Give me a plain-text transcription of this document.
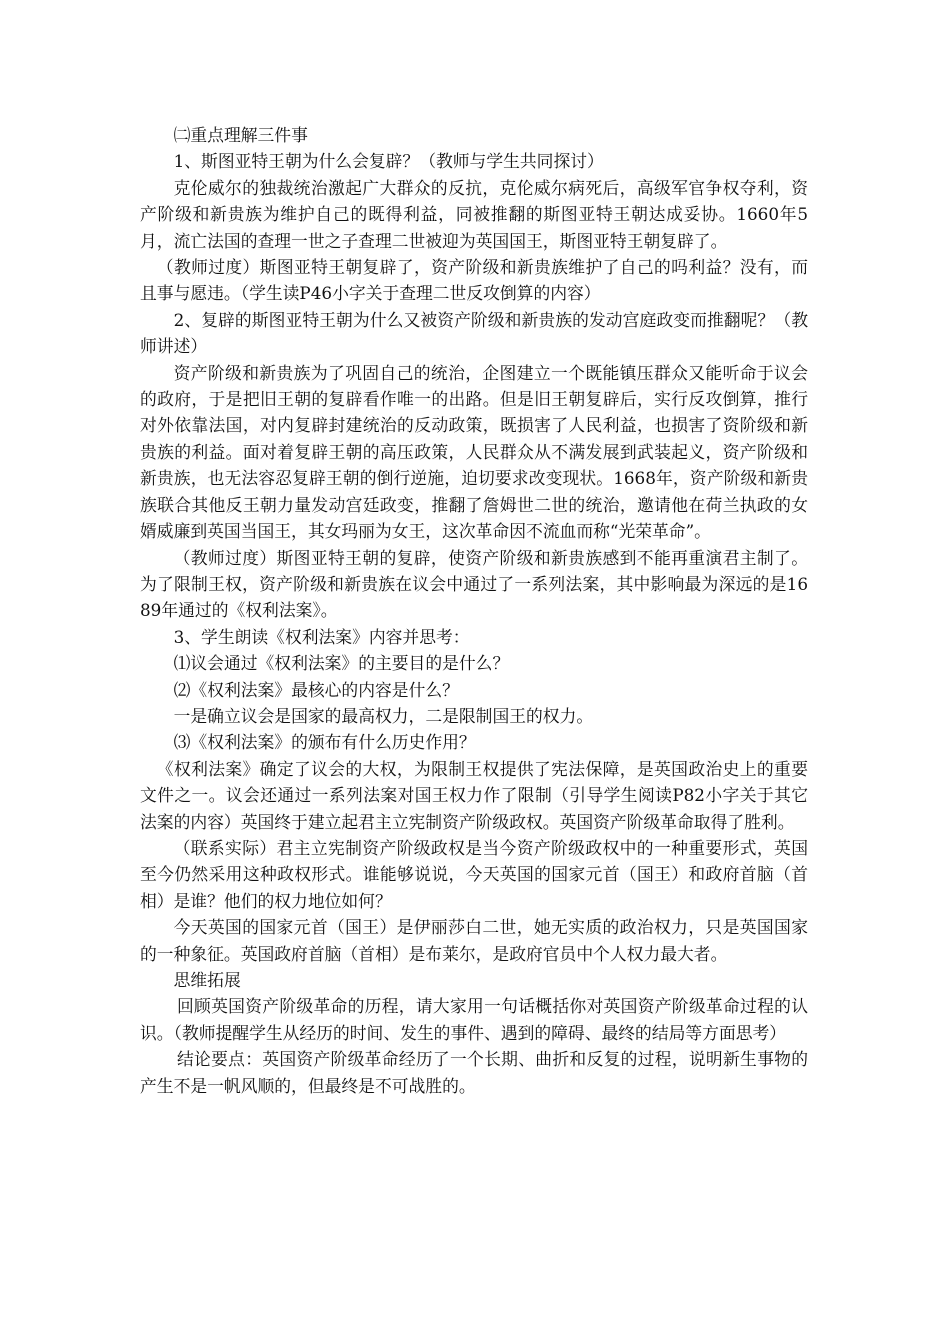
㈡重点理解三件事

1、斯图亚特王朝为什么会复辟？（教师与学生共同探讨）

克伦威尔的独裁统治激起广大群众的反抗，克伦威尔病死后，高级军官争权夺利，资产阶级和新贵族为维护自己的既得利益，同被推翻的斯图亚特王朝达成妥协。1660年5月，流亡法国的查理一世之子查理二世被迎为英国国王，斯图亚特王朝复辟了。

（教师过度）斯图亚特王朝复辟了，资产阶级和新贵族维护了自己的吗利益？没有，而且事与愿违。（学生读P46小字关于查理二世反攻倒算的内容）

2、复辟的斯图亚特王朝为什么又被资产阶级和新贵族的发动宫庭政变而推翻呢？（教师讲述）

资产阶级和新贵族为了巩固自己的统治，企图建立一个既能镇压群众又能听命于议会的政府，于是把旧王朝的复辟看作唯一的出路。但是旧王朝复辟后，实行反攻倒算，推行对外依靠法国，对内复辟封建统治的反动政策，既损害了人民利益，也损害了资阶级和新贵族的利益。面对着复辟王朝的高压政策，人民群众从不满发展到武装起义，资产阶级和新贵族，也无法容忍复辟王朝的倒行逆施，迫切要求改变现状。1668年，资产阶级和新贵族联合其他反王朝力量发动宫廷政变，推翻了詹姆世二世的统治，邀请他在荷兰执政的女婿威廉到英国当国王，其女玛丽为女王，这次革命因不流血而称“光荣革命”。

（教师过度）斯图亚特王朝的复辟，使资产阶级和新贵族感到不能再重演君主制了。为了限制王权，资产阶级和新贵族在议会中通过了一系列法案，其中影响最为深远的是1689年通过的《权利法案》。

3、学生朗读《权利法案》内容并思考：

⑴议会通过《权利法案》的主要目的是什么？

⑵《权利法案》最核心的内容是什么？

一是确立议会是国家的最高权力，二是限制国王的权力。

⑶《权利法案》的颁布有什么历史作用？

《权利法案》确定了议会的大权，为限制王权提供了宪法保障，是英国政治史上的重要文件之一。议会还通过一系列法案对国王权力作了限制（引导学生阅读P82小字关于其它法案的内容）英国终于建立起君主立宪制资产阶级政权。英国资产阶级革命取得了胜利。

（联系实际）君主立宪制资产阶级政权是当今资产阶级政权中的一种重要形式，英国至今仍然采用这种政权形式。谁能够说说，今天英国的国家元首（国王）和政府首脑（首相）是谁？他们的权力地位如何？

今天英国的国家元首（国王）是伊丽莎白二世，她无实质的政治权力，只是英国国家的一种象征。英国政府首脑（首相）是布莱尔，是政府官员中个人权力最大者。

思维拓展

回顾英国资产阶级革命的历程，请大家用一句话概括你对英国资产阶级革命过程的认识。（教师提醒学生从经历的时间、发生的事件、遇到的障碍、最终的结局等方面思考）

结论要点：英国资产阶级革命经历了一个长期、曲折和反复的过程，说明新生事物的产生不是一帆风顺的，但最终是不可战胜的。
